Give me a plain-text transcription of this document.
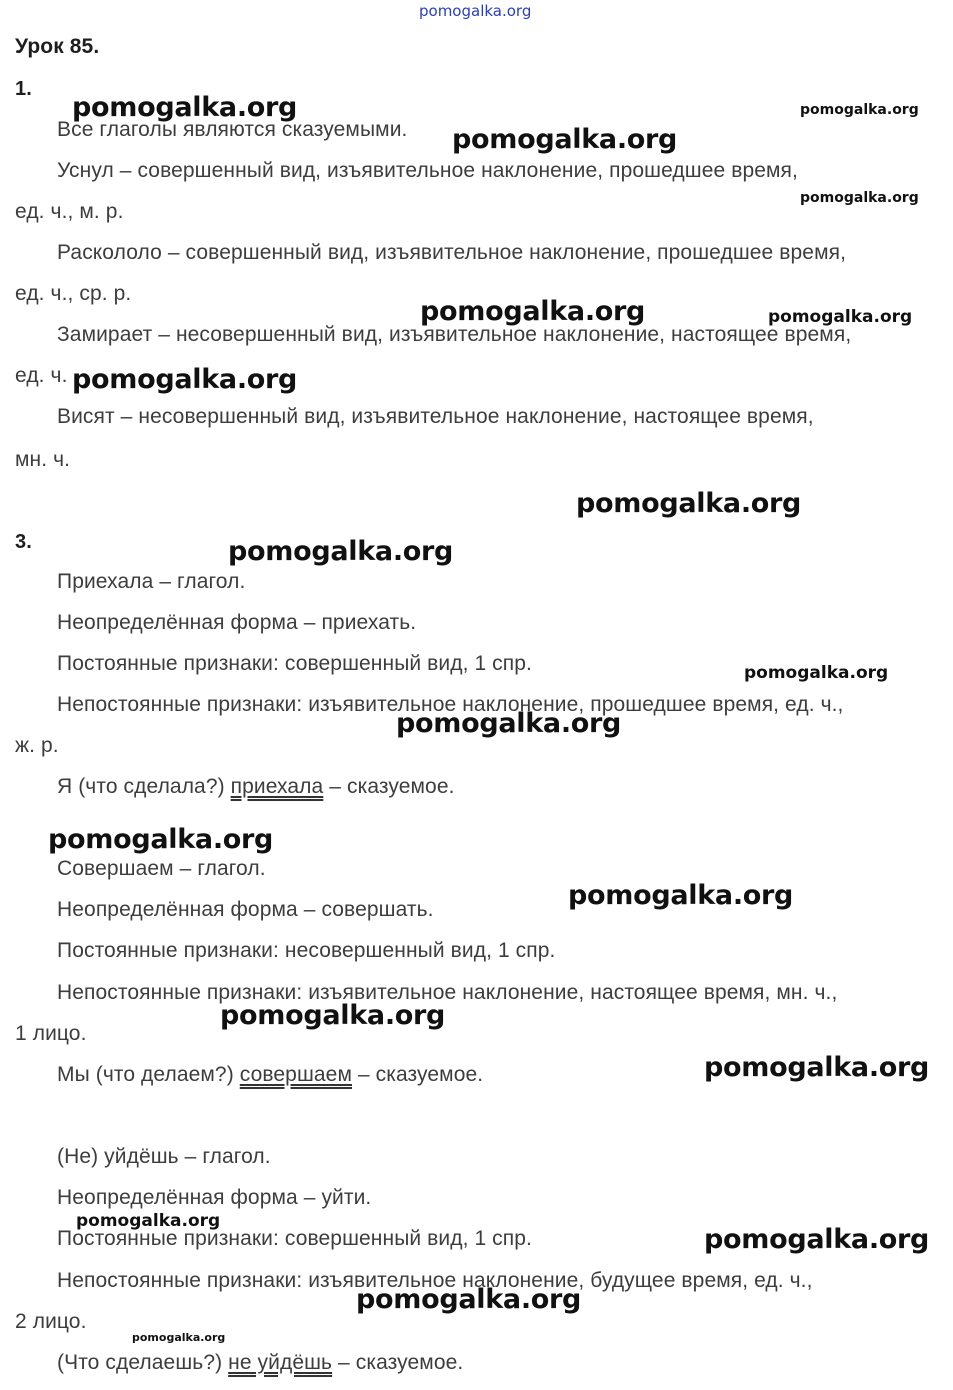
pomogalka.org
Урок 85.
1.
Все глаголы являются сказуемыми.
Уснул – совершенный вид, изъявительное наклонение, прошедшее время,
ед. ч., м. р.
Раскололо – совершенный вид, изъявительное наклонение, прошедшее время,
ед. ч., ср. р.
Замирает – несовершенный вид, изъявительное наклонение, настоящее время,
ед. ч.
Висят – несовершенный вид, изъявительное наклонение, настоящее время,
мн. ч.
3.
Приехала – глагол.
Неопределённая форма – приехать.
Постоянные признаки: совершенный вид, 1 спр.
Непостоянные признаки: изъявительное наклонение, прошедшее время, ед. ч.,
ж. р.
Я (что сделала?) приехала – сказуемое.
Совершаем – глагол.
Неопределённая форма – совершать.
Постоянные признаки: несовершенный вид, 1 спр.
Непостоянные признаки: изъявительное наклонение, настоящее время, мн. ч.,
1 лицо.
Мы (что делаем?) совершаем – сказуемое.
(Не) уйдёшь – глагол.
Неопределённая форма – уйти.
Постоянные признаки: совершенный вид, 1 спр.
Непостоянные признаки: изъявительное наклонение, будущее время, ед. ч.,
2 лицо.
(Что сделаешь?) не уйдёшь – сказуемое.
pomogalka.org	pomogalka.org
pomogalka.org
pomogalka.org
pomogalka.org	pomogalka.org
pomogalka.org
pomogalka.org
pomogalka.org
pomogalka.org
pomogalka.org
pomogalka.org
pomogalka.org
pomogalka.org
pomogalka.org
pomogalka.org
pomogalka.org
pomogalka.org
pomogalka.org
